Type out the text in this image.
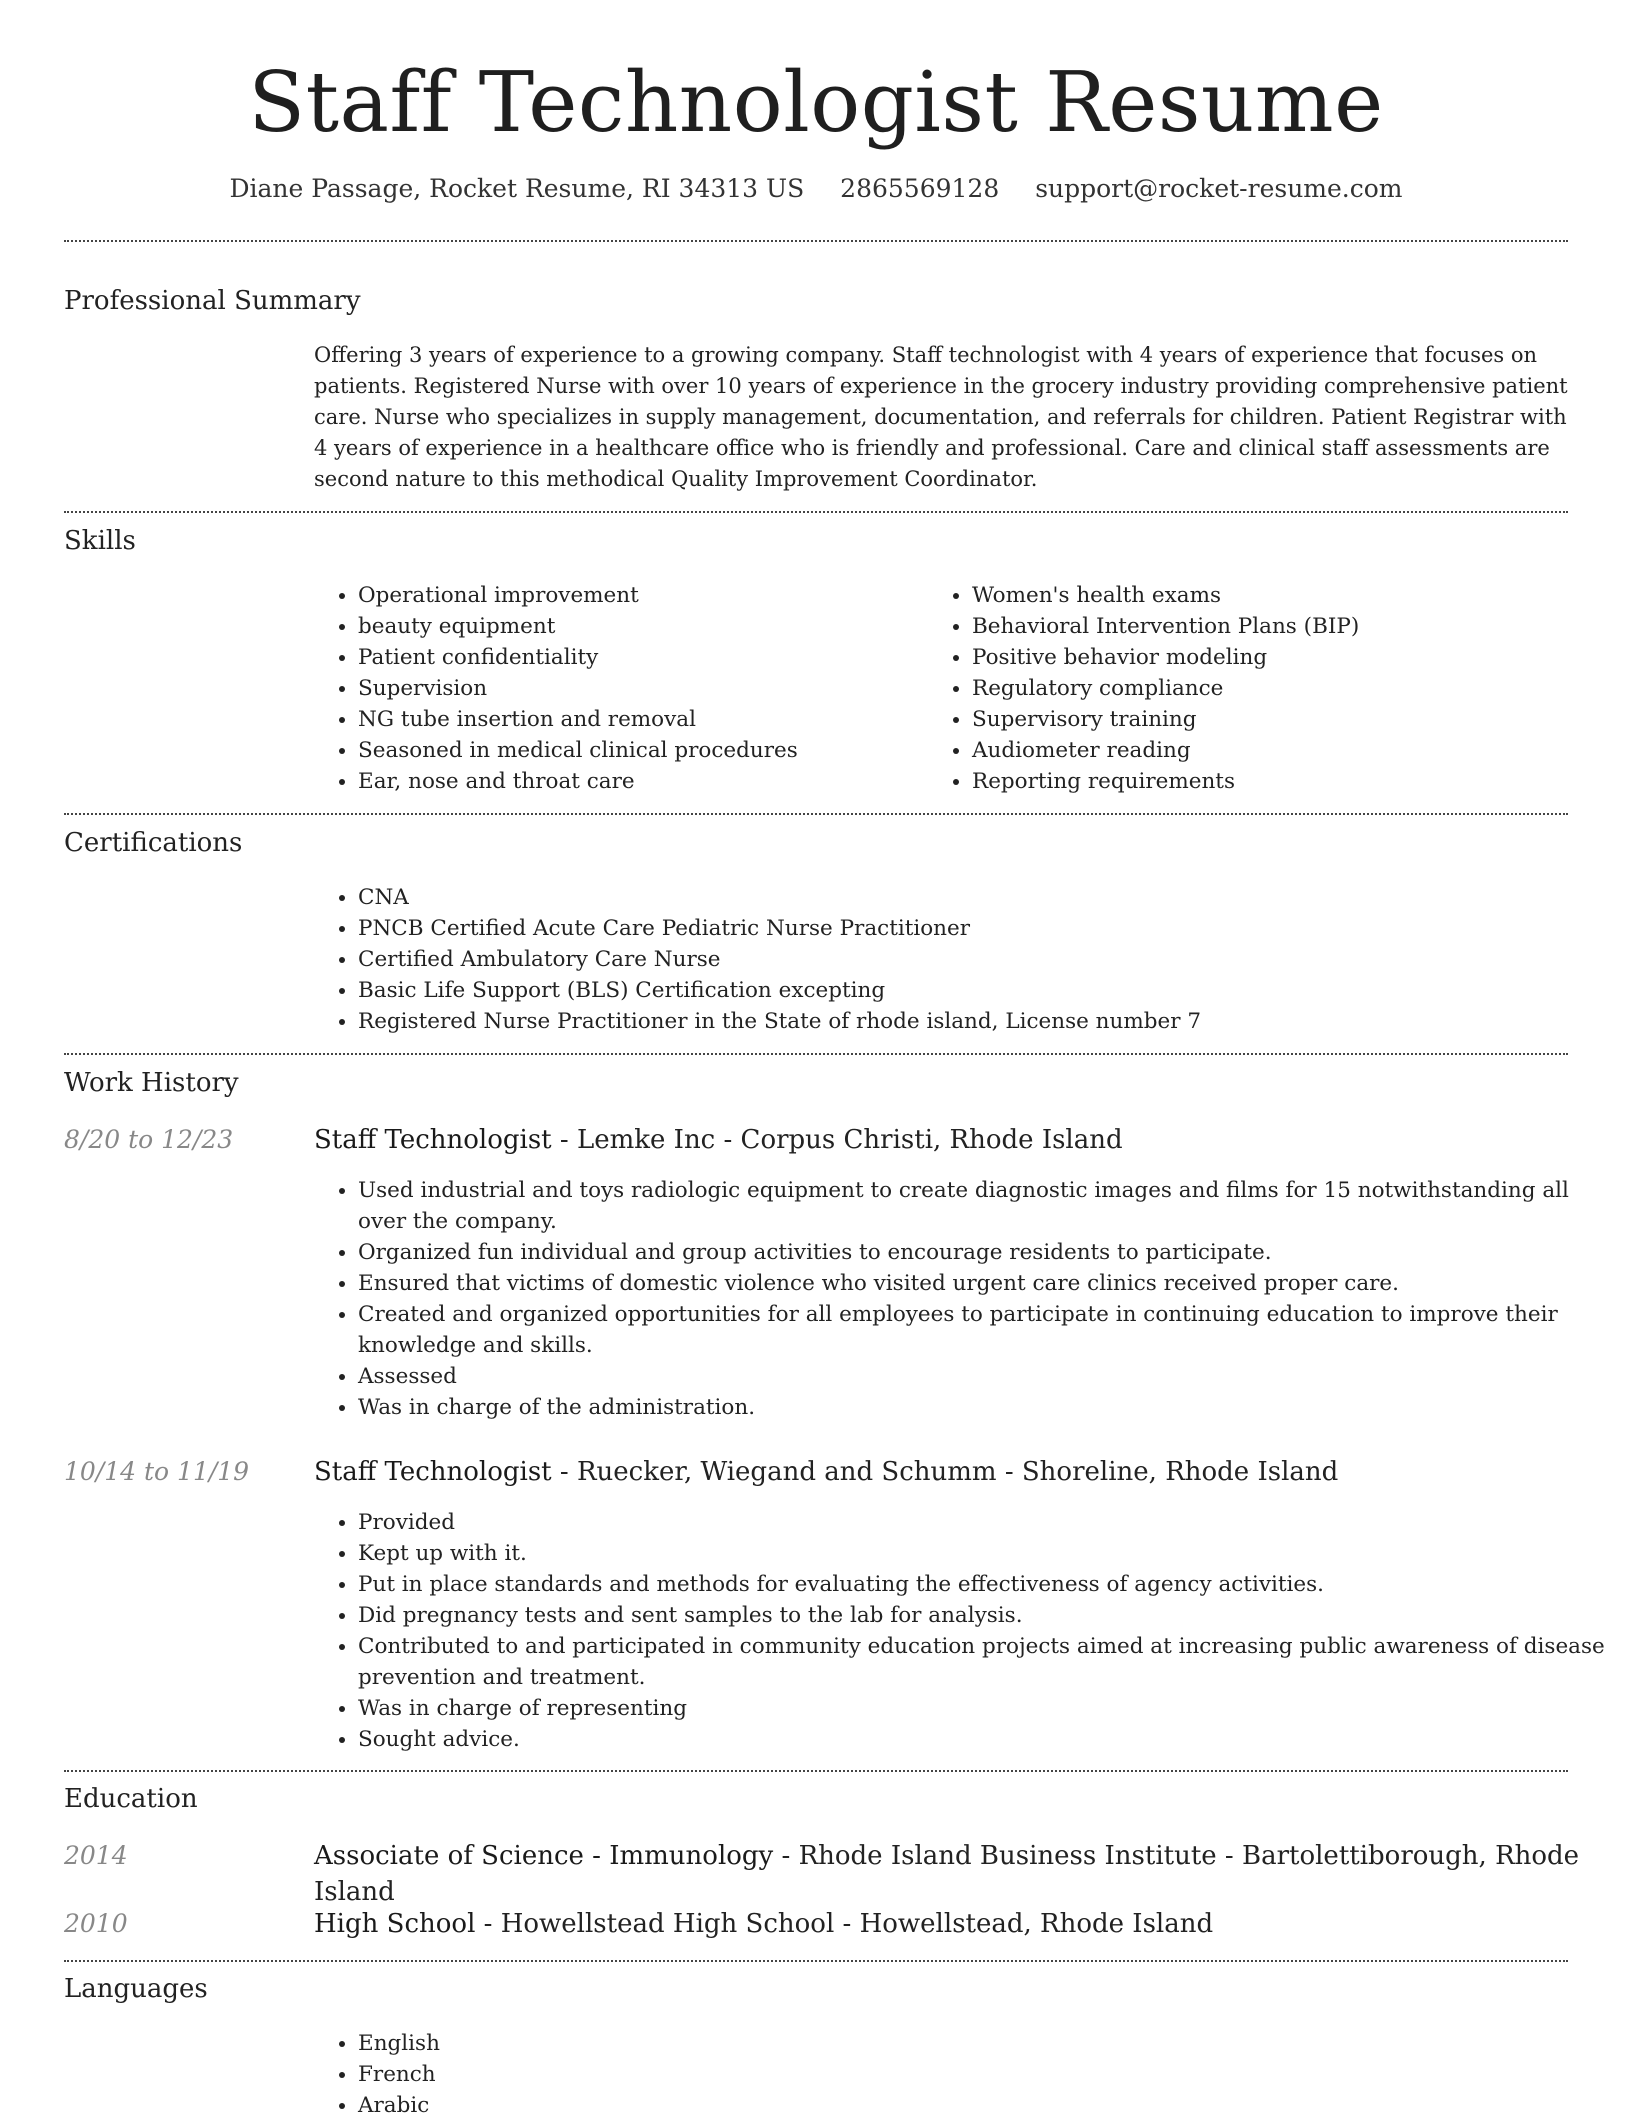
Staff Technologist Resume
Diane Passage, Rocket Resume, RI 34313 US 2865569128 support@rocket-resume.com
Professional Summary

Offering 3 years of experience to a growing company. Staff technologist with 4 years of experience that focuses on patients. Registered Nurse with over 10 years of experience in the grocery industry providing comprehensive patient care. Nurse who specializes in supply management, documentation, and referrals for children. Patient Registrar with 4 years of experience in a healthcare office who is friendly and professional. Care and clinical staff assessments are second nature to this methodical Quality Improvement Coordinator.

Skills
• Operational improvement
• beauty equipment
• Patient confidentiality
• Supervision
• NG tube insertion and removal
• Seasoned in medical clinical procedures
• Ear, nose and throat care
• Women's health exams
• Behavioral Intervention Plans (BIP)
• Positive behavior modeling
• Regulatory compliance
• Supervisory training
• Audiometer reading
• Reporting requirements
Certifications
• CNA
• PNCB Certified Acute Care Pediatric Nurse Practitioner
• Certified Ambulatory Care Nurse
• Basic Life Support (BLS) Certification excepting
• Registered Nurse Practitioner in the State of rhode island, License number 7
Work History
8/20 to 12/23	Staff Technologist - Lemke Inc - Corpus Christi, Rhode Island
• Used industrial and toys radiologic equipment to create diagnostic images and films for 15 notwithstanding all over the company.
• Organized fun individual and group activities to encourage residents to participate.
• Ensured that victims of domestic violence who visited urgent care clinics received proper care.
• Created and organized opportunities for all employees to participate in continuing education to improve their knowledge and skills.
• Assessed
• Was in charge of the administration.
10/14 to 11/19 Staff Technologist - Ruecker, Wiegand and Schumm - Shoreline, Rhode Island
• Provided
• Kept up with it.
• Put in place standards and methods for evaluating the effectiveness of agency activities.
• Did pregnancy tests and sent samples to the lab for analysis.
• Contributed to and participated in community education projects aimed at increasing public awareness of disease prevention and treatment.
• Was in charge of representing
• Sought advice.
Education
2014	Associate of Science - Immunology - Rhode Island Business Institute - Bartolettiborough, Rhode Island
2010	High School - Howellstead High School - Howellstead, Rhode Island
Languages
• English
• French
• Arabic
